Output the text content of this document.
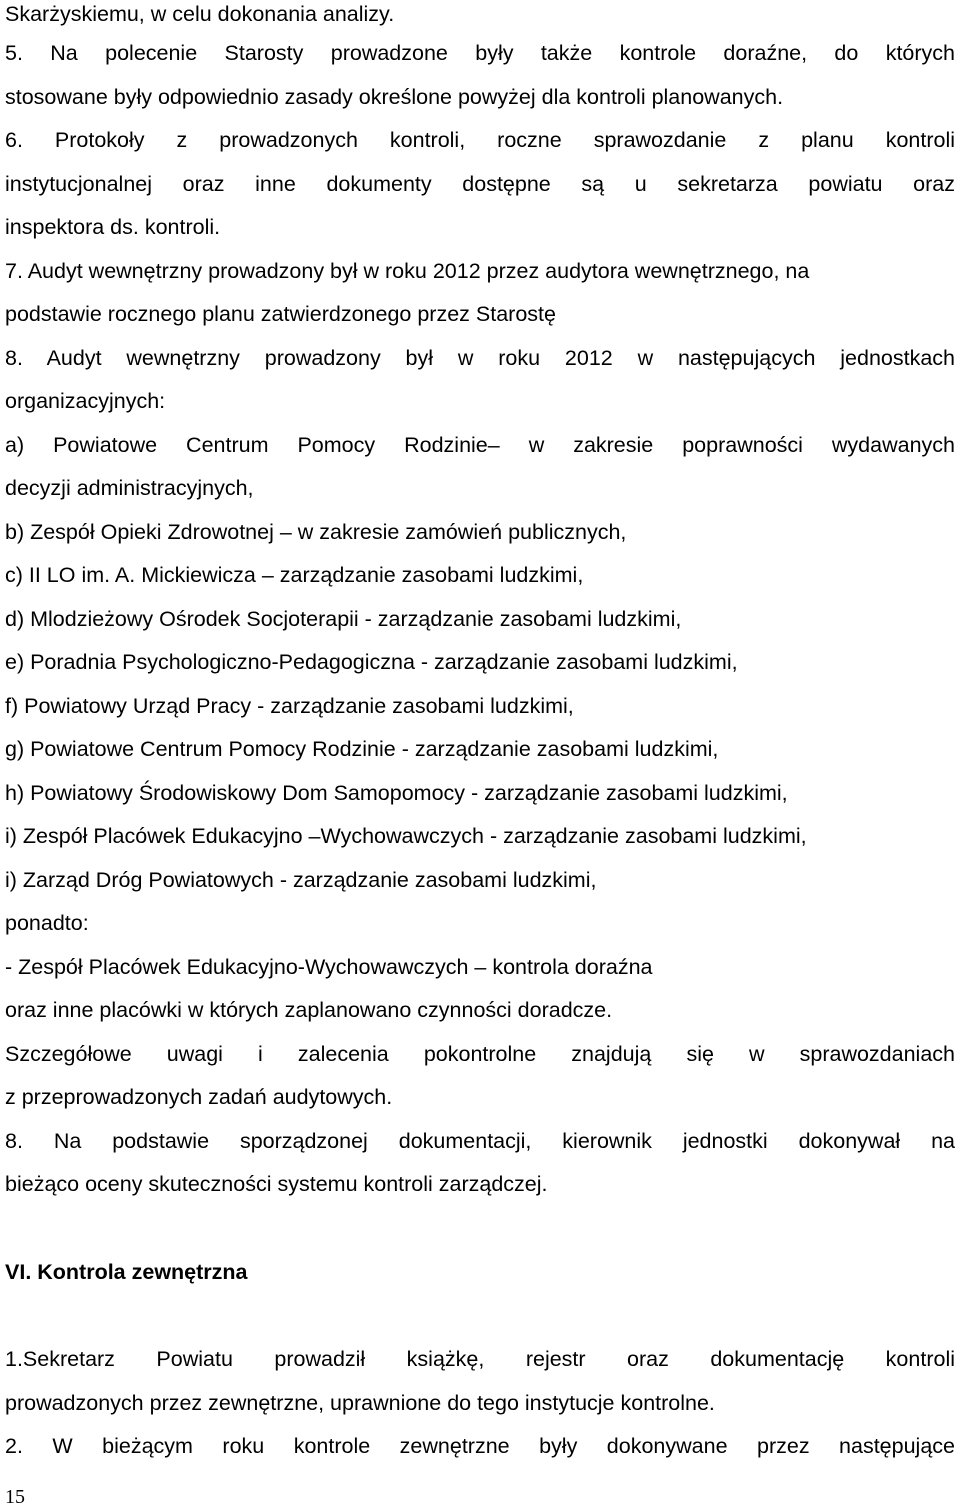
Skarżyskiemu, w celu dokonania analizy.
5. Na polecenie Starosty prowadzone były także kontrole doraźne, do których
stosowane były odpowiednio zasady określone powyżej dla kontroli planowanych.
6. Protokoły z prowadzonych kontroli, roczne sprawozdanie z planu kontroli
instytucjonalnej oraz inne dokumenty dostępne są u sekretarza powiatu oraz
inspektora ds. kontroli.
7. Audyt wewnętrzny prowadzony był w roku 2012 przez audytora wewnętrznego, na
podstawie rocznego planu zatwierdzonego przez Starostę
8. Audyt wewnętrzny prowadzony był w roku 2012 w następujących jednostkach
organizacyjnych:
a) Powiatowe Centrum Pomocy Rodzinie– w zakresie poprawności wydawanych
decyzji administracyjnych,
b) Zespół Opieki Zdrowotnej – w zakresie zamówień publicznych,
c) II LO im. A. Mickiewicza – zarządzanie zasobami ludzkimi,
d) Mlodzieżowy Ośrodek Socjoterapii - zarządzanie zasobami ludzkimi,
e) Poradnia Psychologiczno-Pedagogiczna - zarządzanie zasobami ludzkimi,
f) Powiatowy Urząd Pracy - zarządzanie zasobami ludzkimi,
g) Powiatowe Centrum Pomocy Rodzinie - zarządzanie zasobami ludzkimi,
h) Powiatowy Środowiskowy Dom Samopomocy - zarządzanie zasobami ludzkimi,
i) Zespół Placówek Edukacyjno –Wychowawczych - zarządzanie zasobami ludzkimi,
i) Zarząd Dróg Powiatowych - zarządzanie zasobami ludzkimi,
ponadto:
- Zespół Placówek Edukacyjno-Wychowawczych – kontrola doraźna
oraz inne placówki w których zaplanowano czynności doradcze.
Szczegółowe uwagi i zalecenia pokontrolne znajdują się w sprawozdaniach
z przeprowadzonych zadań audytowych.
8. Na podstawie sporządzonej dokumentacji, kierownik jednostki dokonywał na
bieżąco oceny skuteczności systemu kontroli zarządczej.
VI. Kontrola zewnętrzna
1.Sekretarz Powiatu prowadził książkę, rejestr oraz dokumentację kontroli
prowadzonych przez zewnętrzne, uprawnione do tego instytucje kontrolne.
2. W bieżącym roku kontrole zewnętrzne były dokonywane przez następujące
15
